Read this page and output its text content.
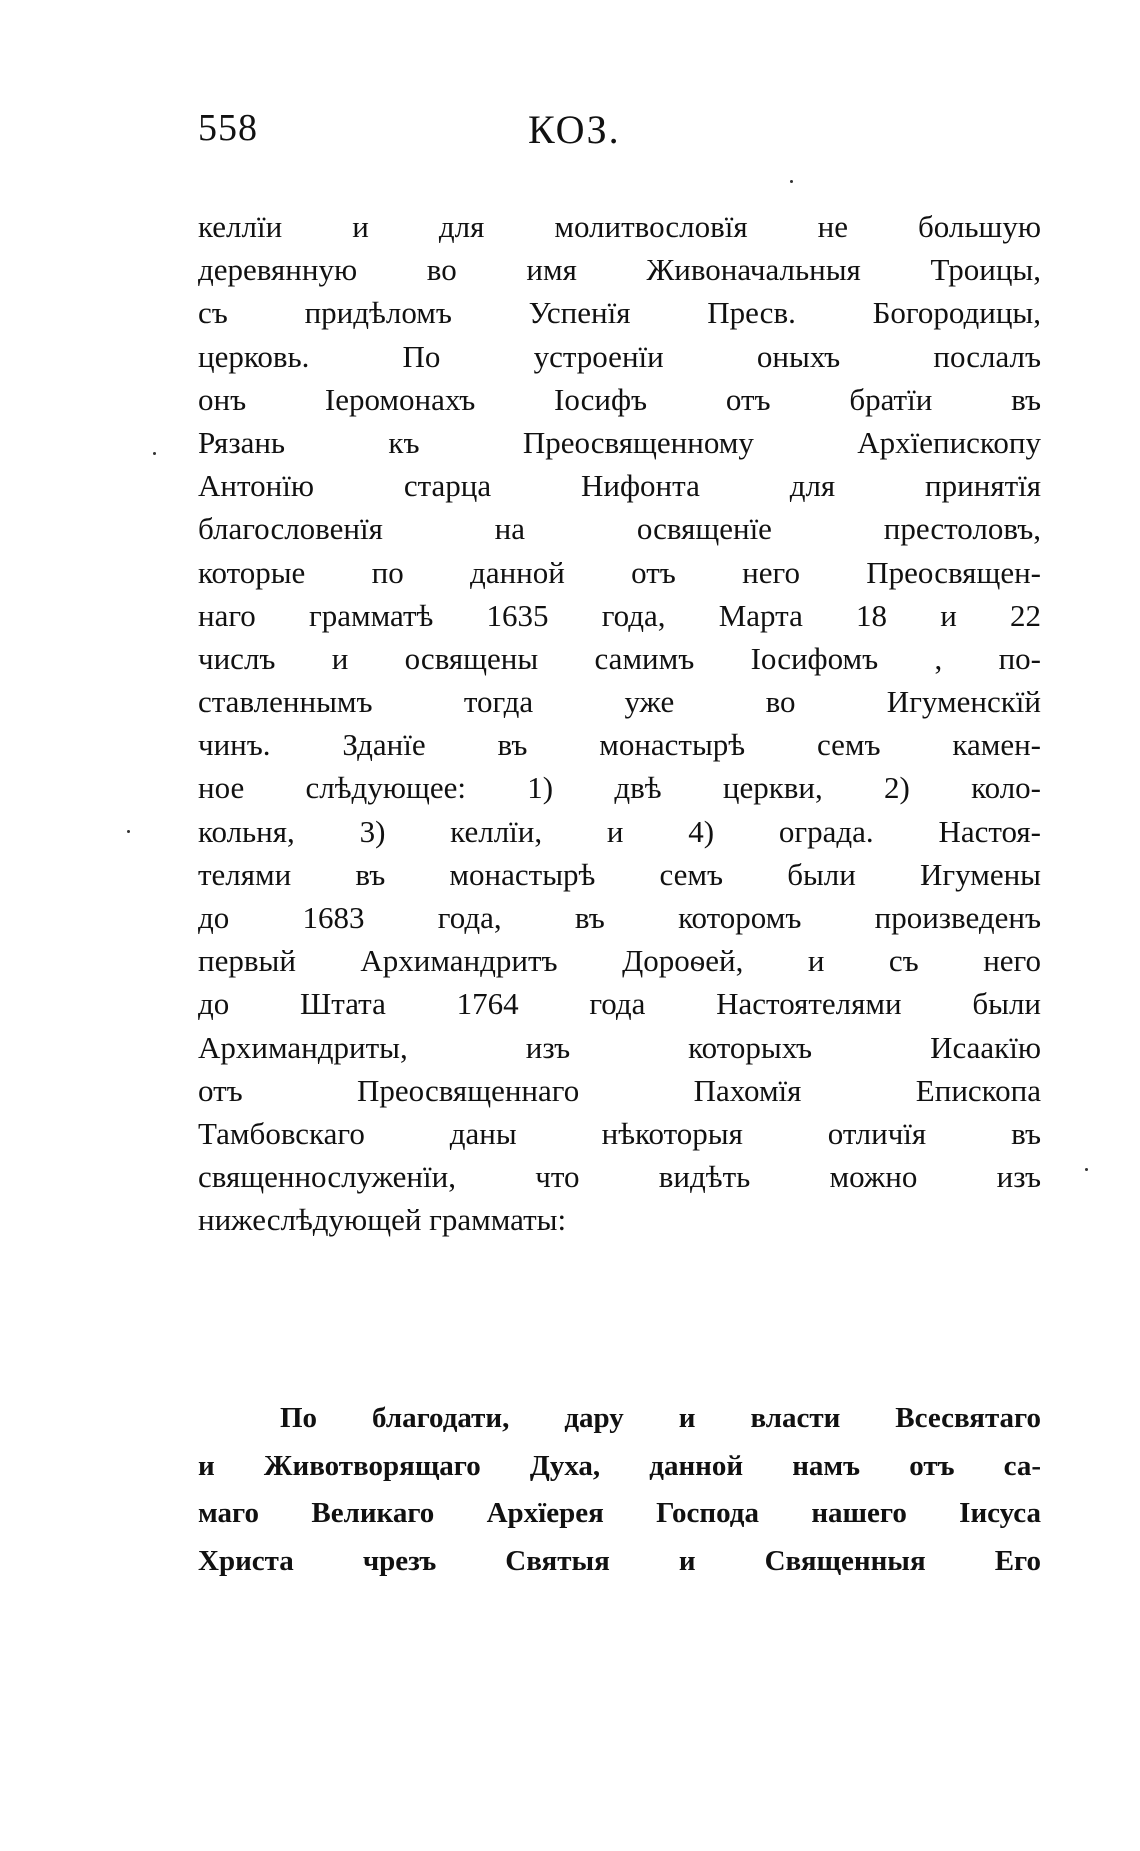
558	КОЗ.
келлїи и для молитвословїя не большую
деревянную во имя Живоначальныя Троицы,
съ придѣломъ Успенїя Пресв. Богородицы,
церковь. По устроенїи оныхъ послалъ
онъ Іеромонахъ Іосифъ отъ братїи въ
Рязань къ Преосвященному Архїепископу
Антонїю старца Нифонта для принятїя
благословенїя на освященїе престоловъ,
которые по данной отъ него Преосвящен-
наго грамматѣ 1635 года, Марта 18 и 22
числъ и освящены самимъ Іосифомъ , по-
ставленнымъ тогда уже во Игуменскїй
чинъ. Зданїе въ монастырѣ семъ камен-
ное слѣдующее: 1) двѣ церкви, 2) коло-
кольня, 3) келлїи, и 4) ограда. Настоя-
телями въ монастырѣ семъ были Игумены
до 1683 года, въ которомъ произведенъ
первый Архимандритъ Дороѳей, и съ него
до Штата 1764 года Настоятелями были
Архимандриты, изъ которыхъ Исаакїю
отъ Преосвященнаго Пахомїя Епископа
Тамбовскаго даны нѣкоторыя отличїя въ
священнослуженїи, что видѣть можно изъ
нижеслѣдующей грамматы:
По благодати, дару и власти Всесвятаго
и Животворящаго Духа, данной намъ отъ са-
маго Великаго Архїерея Господа нашего Іисуса
Христа чрезъ Святыя и Священныя Его
